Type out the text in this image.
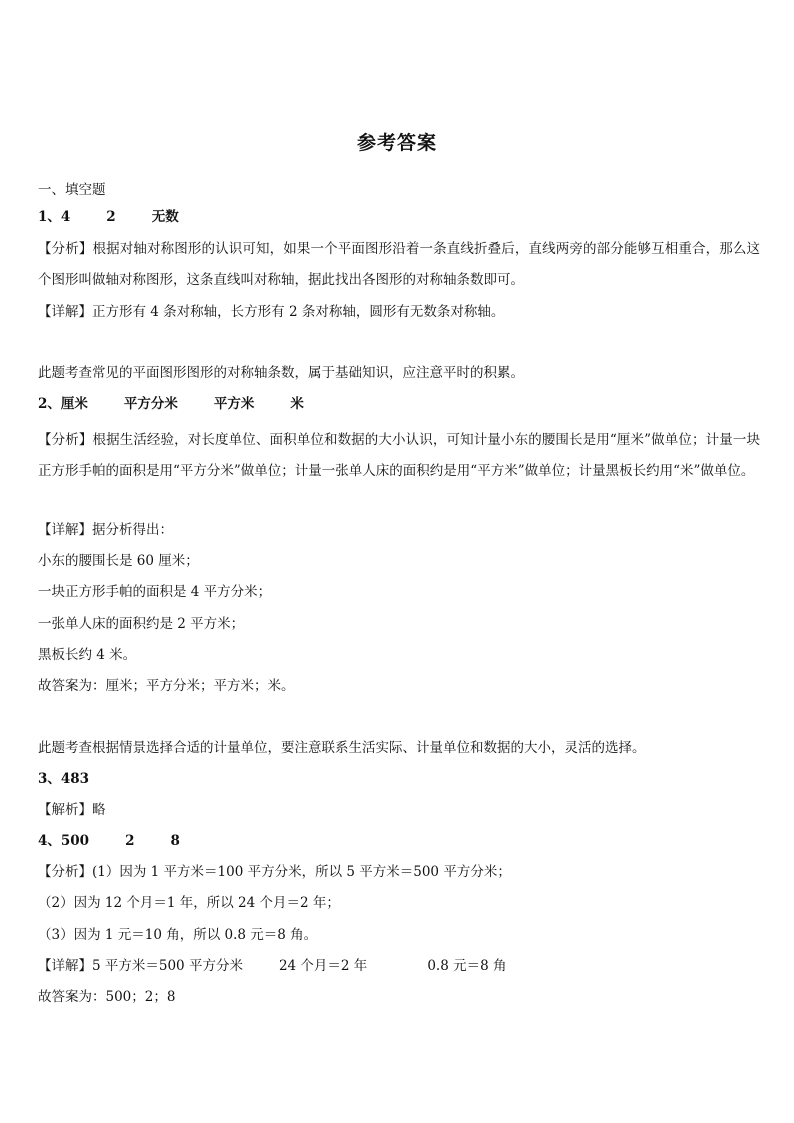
参考答案
一、填空题
1、4	2	无数
【分析】根据对轴对称图形的认识可知，如果一个平面图形沿着一条直线折叠后，直线两旁的部分能够互相重合，那么这个图形叫做轴对称图形，这条直线叫对称轴，据此找出各图形的对称轴条数即可。
【详解】正方形有 4 条对称轴，长方形有 2 条对称轴，圆形有无数条对称轴。
此题考查常见的平面图形图形的对称轴条数，属于基础知识，应注意平时的积累。
2、厘米	平方分米	平方米	米
【分析】根据生活经验，对长度单位、面积单位和数据的大小认识，可知计量小东的腰围长是用“厘米”做单位；计量一块正方形手帕的面积是用“平方分米”做单位；计量一张单人床的面积约是用“平方米”做单位；计量黑板长约用“米”做单位。
【详解】据分析得出：
小东的腰围长是 60 厘米；
一块正方形手帕的面积是 4 平方分米；
一张单人床的面积约是 2 平方米；
黑板长约 4 米。
故答案为：厘米；平方分米；平方米；米。
此题考查根据情景选择合适的计量单位，要注意联系生活实际、计量单位和数据的大小，灵活的选择。
3、483
【解析】略
4、500	2	8
【分析】(1）因为 1 平方米＝100 平方分米，所以 5 平方米＝500 平方分米；
（2）因为 12 个月＝1 年，所以 24 个月＝2 年；
（3）因为 1 元＝10 角，所以 0.8 元＝8 角。
【详解】5 平方米＝500 平方分米	24 个月＝2 年	0.8 元＝8 角
故答案为：500；2；8
